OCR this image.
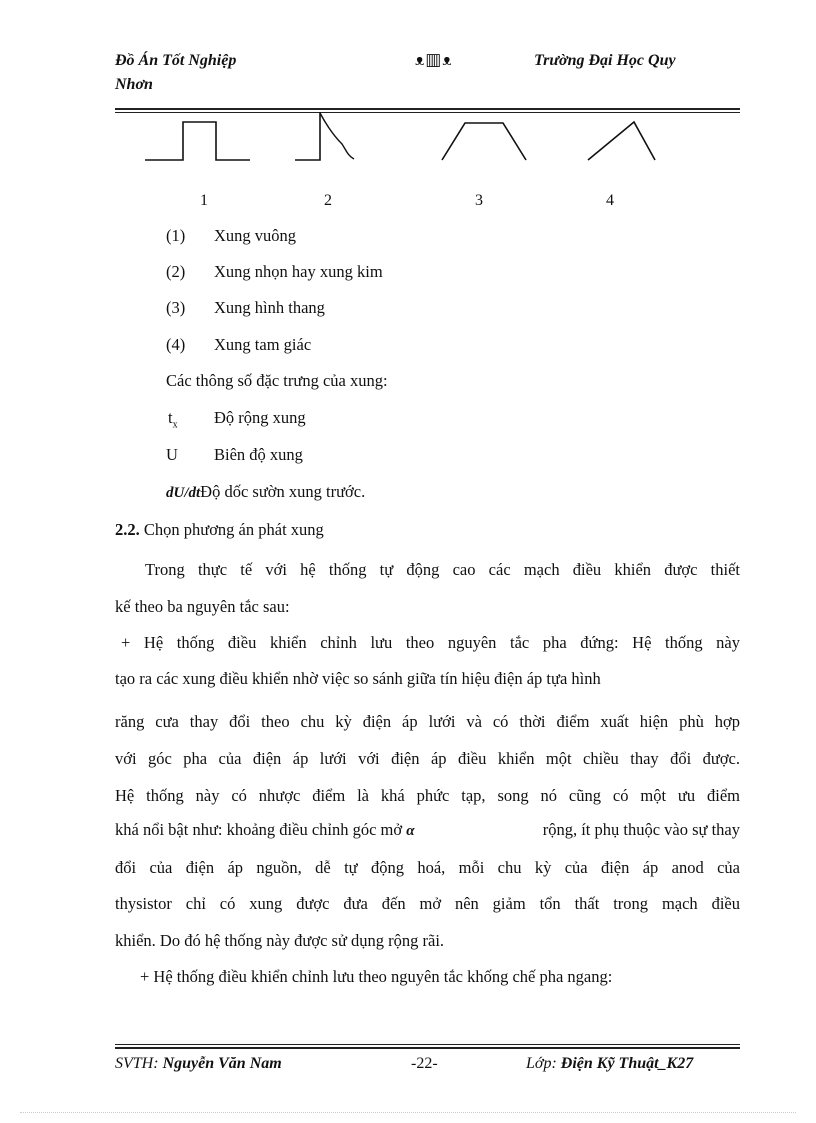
Đồ Án Tốt Nghiệp
Nhơn
ᴥ▥ᴥ	Trường Đại Học Quy
1	2	3	4
(1) Xung vuông
(2) Xung nhọn hay xung kim
(3) Xung hình thang
(4) Xung tam giác
Các thông số đặc trưng của xung:
$t_x$ Độ rộng xung
U Biên độ xung
dU/dtĐộ dốc sườn xung trước.
2.2. Chọn phương án phát xung
Trong thực tế với hệ thống tự động cao các mạch điều khiển được thiết
kế theo ba nguyên tắc sau:
+ Hệ thống điều khiển chỉnh lưu theo nguyên tắc pha đứng: Hệ thống này
tạo ra các xung điều khiển nhờ việc so sánh giữa tín hiệu điện áp tựa hình
răng cưa thay đổi theo chu kỳ điện áp lưới và có thời điểm xuất hiện phù hợp
với góc pha của điện áp lưới với điện áp điều khiển một chiều thay đổi được.
Hệ thống này có nhược điểm là khá phức tạp, song nó cũng có một ưu điểm
khá nổi bật như: khoảng điều chỉnh góc mở α	rộng, ít phụ thuộc vào sự thay
đổi của điện áp nguồn, dễ tự động hoá, mỗi chu kỳ của điện áp anod của
thysistor chỉ có xung được đưa đến mở nên giảm tổn thất trong mạch điều
khiển. Do đó hệ thống này được sử dụng rộng rãi.
+ Hệ thống điều khiển chỉnh lưu theo nguyên tắc khống chế pha ngang:
SVTH: Nguyễn Văn Nam	-22-	Lớp: Điện Kỹ Thuật_K27
